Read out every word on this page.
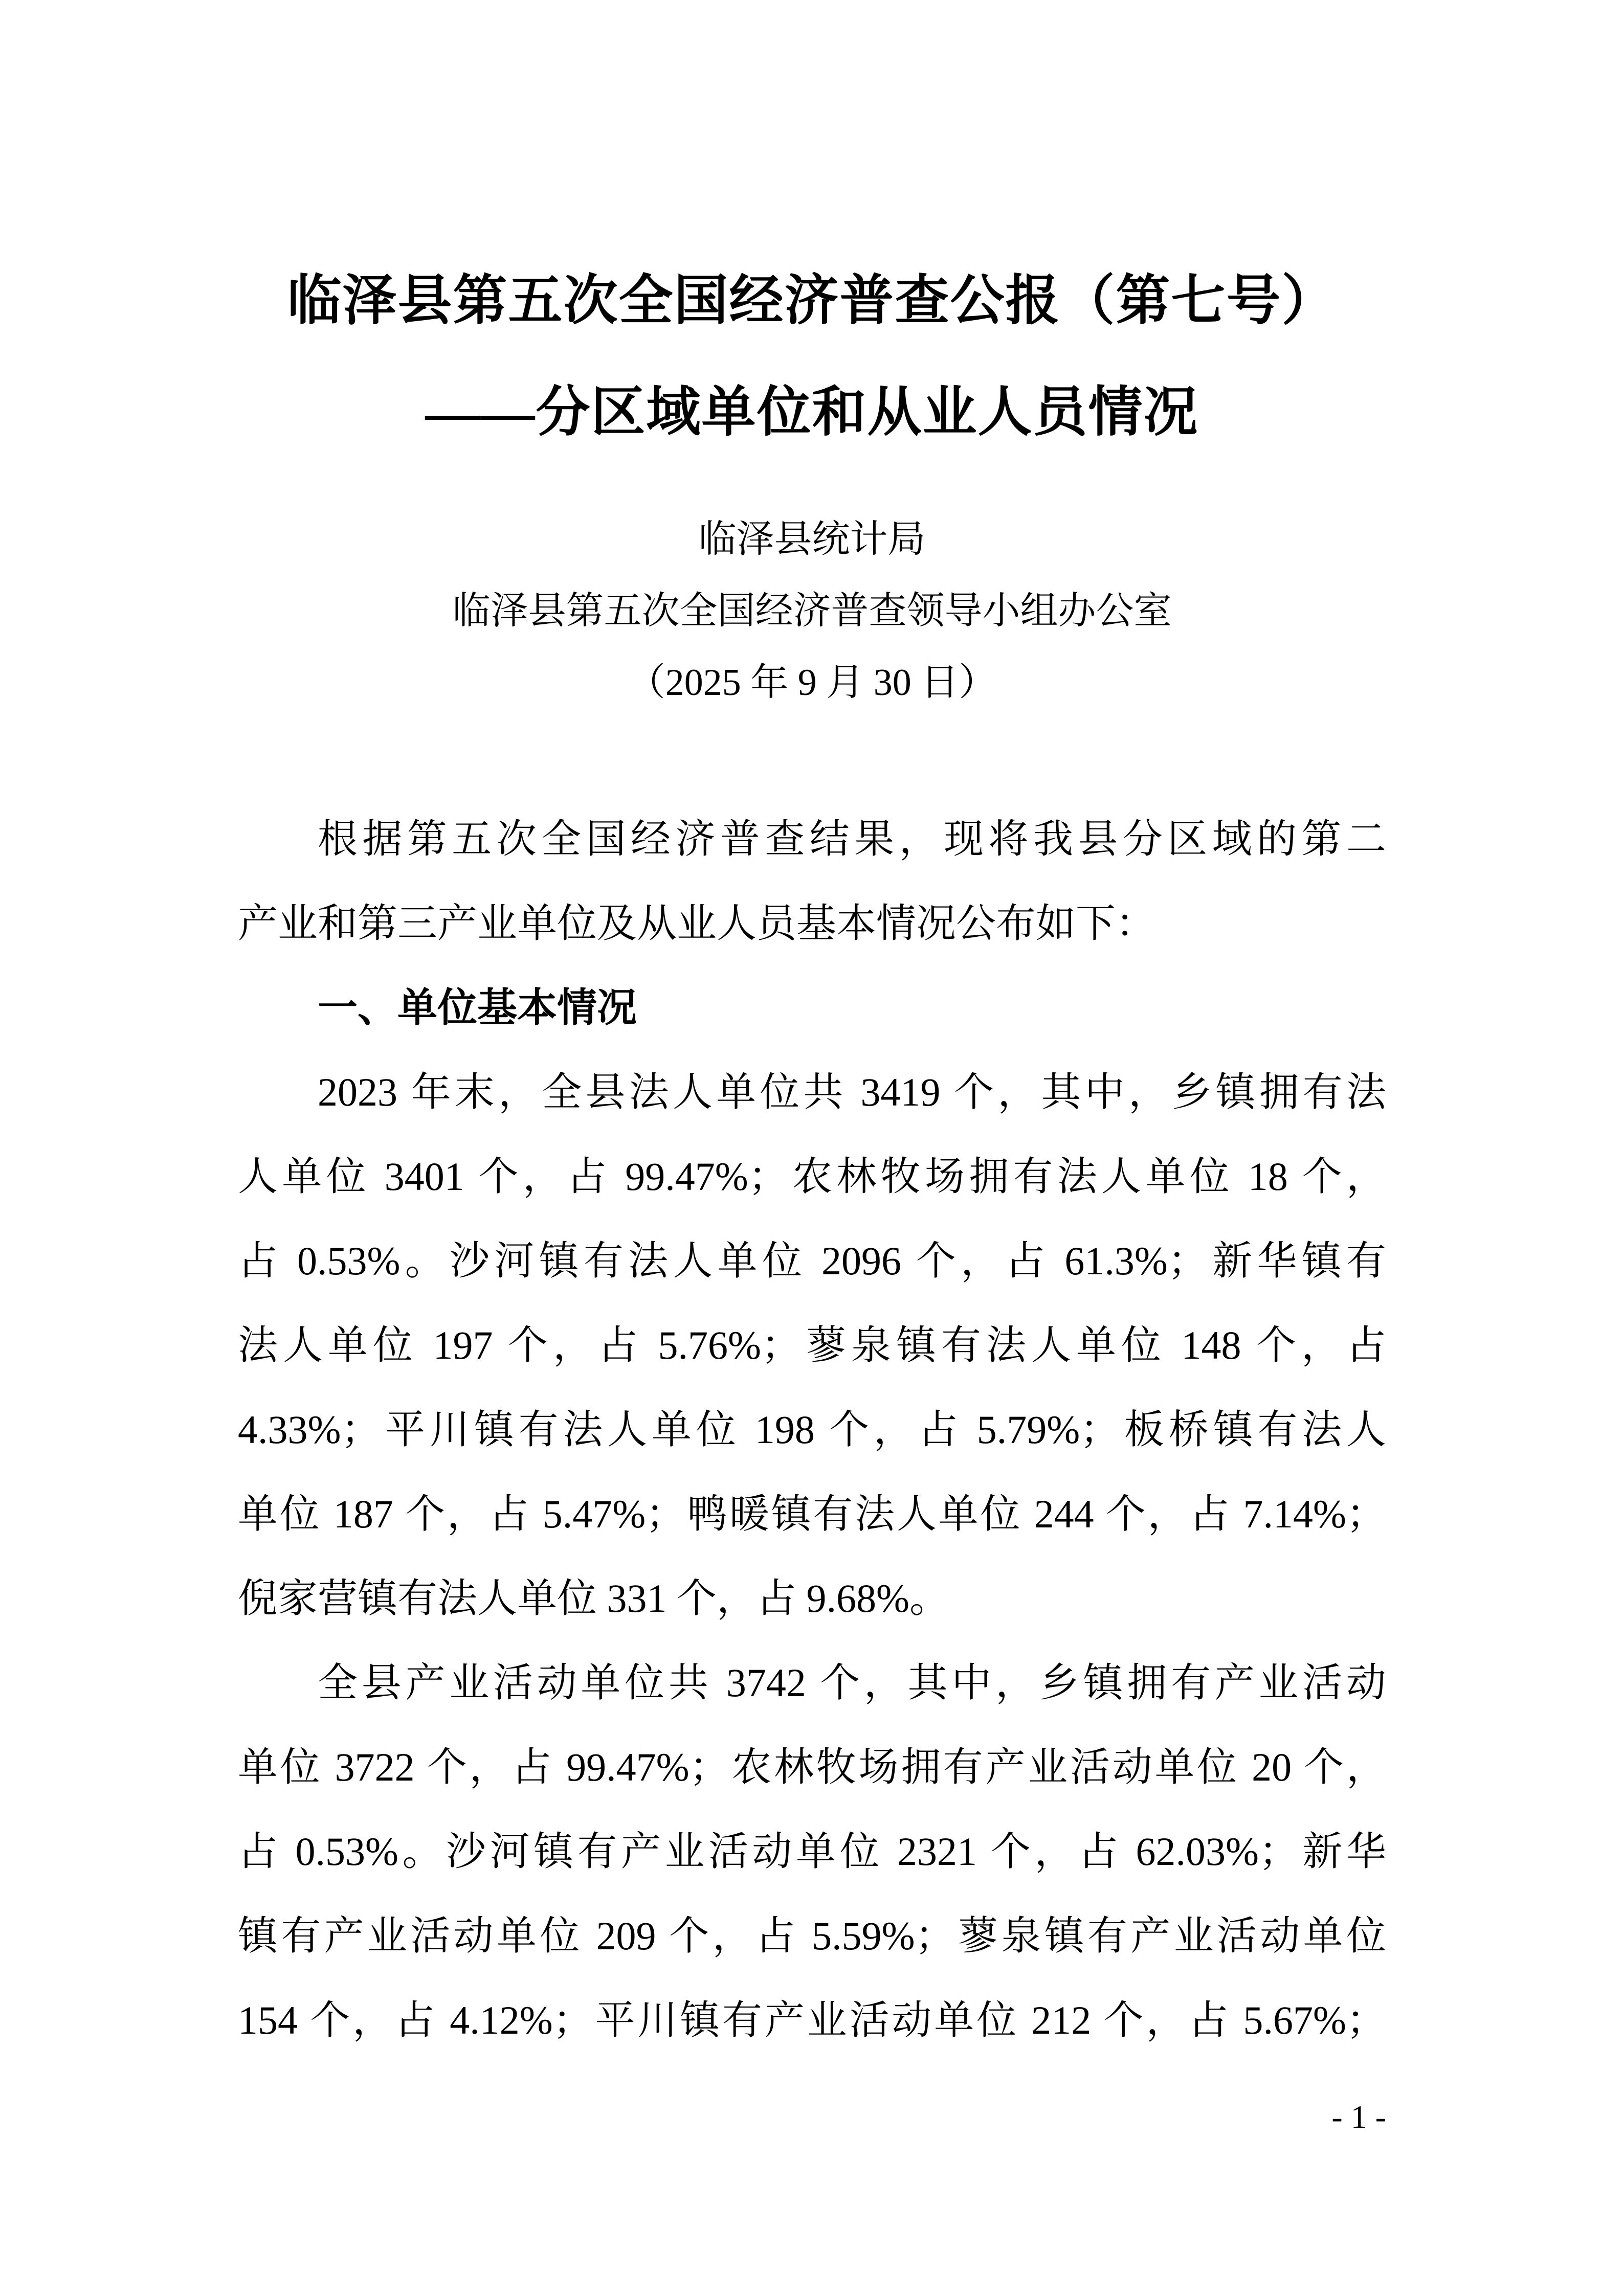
临泽县第五次全国经济普查公报（第七号）
——分区域单位和从业人员情况
临泽县统计局
临泽县第五次全国经济普查领导小组办公室
（2025 年 9 月 30 日）
根据第五次全国经济普查结果，现将我县分区域的第二
产业和第三产业单位及从业人员基本情况公布如下：
一、单位基本情况
2023 年末，全县法人单位共 3419 个，其中，乡镇拥有法
人单位 3401 个，占 99.47%；农林牧场拥有法人单位 18 个，
占 0.53%。沙河镇有法人单位 2096 个，占 61.3%；新华镇有
法人单位 197 个，占 5.76%；蓼泉镇有法人单位 148 个，占
4.33%；平川镇有法人单位 198 个，占 5.79%；板桥镇有法人
单位 187 个，占 5.47%；鸭暖镇有法人单位 244 个，占 7.14%；
倪家营镇有法人单位 331 个，占 9.68%。
全县产业活动单位共 3742 个，其中，乡镇拥有产业活动
单位 3722 个，占 99.47%；农林牧场拥有产业活动单位 20 个，
占 0.53%。沙河镇有产业活动单位 2321 个，占 62.03%；新华
镇有产业活动单位 209 个，占 5.59%；蓼泉镇有产业活动单位
154 个，占 4.12%；平川镇有产业活动单位 212 个，占 5.67%；
- 1 -
